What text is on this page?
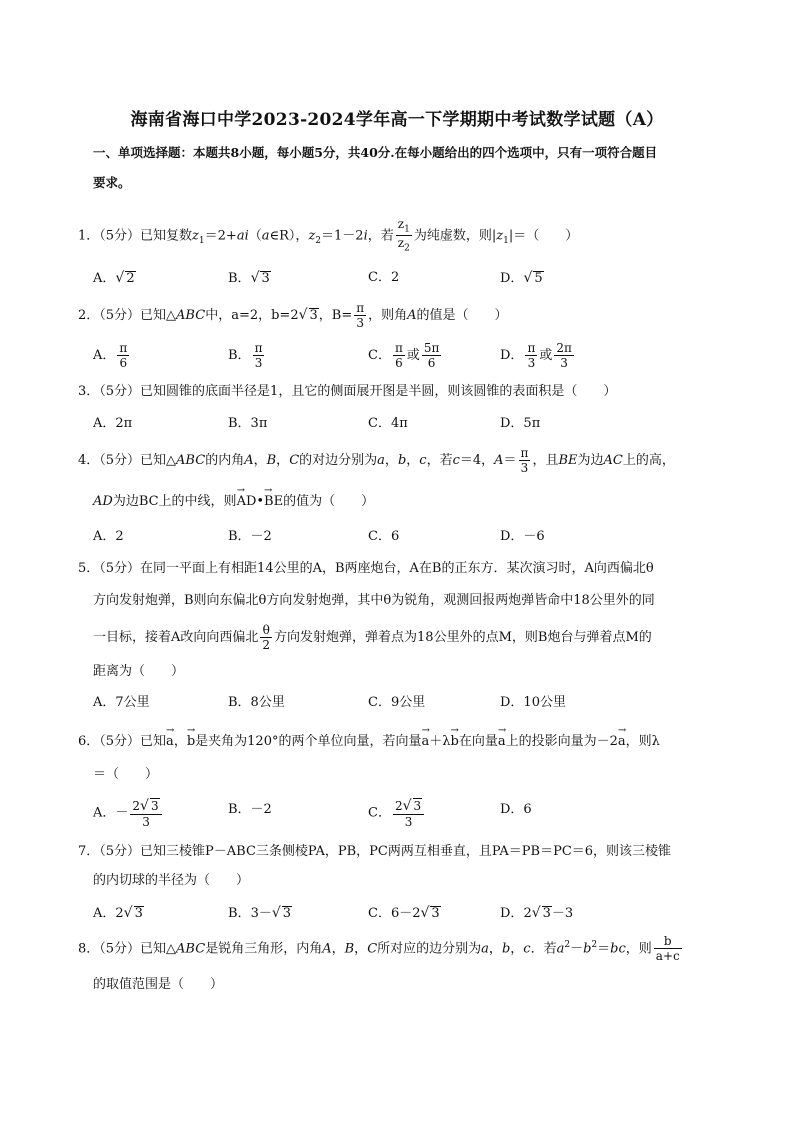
海南省海口中学2023-2024学年高一下学期期中考试数学试题（A）
一、单项选择题：本题共8小题，每小题5分，共40分.在每小题给出的四个选项中，只有一项符合题目
要求。
1．（5分）已知复数$z_1=2+ai(a\in R)$，$z_2=1-2i$，若 $\frac{z_1}{z_2}$ 为纯虚数，则$|z_1|=$（　　）
A．√ 2	B．√ 3	C．2	D．√ 5
2．（5分）已知△ABC中，a=2，b=2√ 3，$B= \frac{\pi}{3}$ ，则角A的值是（　　）
A． $\frac{\pi}{6}$	B． $\frac{\pi}{3}$	C． $\frac{\pi}{6}$ 或 $\frac{5\pi}{6}$	D． $\frac{\pi}{3}$ 或 $\frac{2\pi}{3}$
3．（5分）已知圆锥的底面半径是1，且它的侧面展开图是半圆，则该圆锥的表面积是（　　）
A．2π	B．3π	C．4π	D．5π
4．（5分）已知△ABC的内角A，B，C的对边分别为a，b，c，若c＝4，$A= \frac{\pi}{3}$ ，且BE为边AC上的高，
AD为边BC上的中线，则→ AD•→ BE的值为（　　）
A．2	B．－2	C．6	D．－6
5．（5分）在同一平面上有相距14公里的A，B两座炮台，A在B的正东方．某次演习时，A向西偏北θ
方向发射炮弹，B则向东偏北θ方向发射炮弹，其中θ为锐角，观测回报两炮弹皆命中18公里外的同
一目标，接着A改向向西偏北 $\frac{\theta}{2}$ 方向发射炮弹，弹着点为18公里外的点M，则B炮台与弹着点M的
距离为（　　）
A．7公里	B．8公里	C．9公里	D．10公里
6．（5分）已知→ a，→ b是夹角为120°的两个单位向量，若向量→ a＋λ→ b在向量→ a上的投影向量为－2→ a，则λ
＝（　　）
A．－ $\frac{2√ 3}{3}$	B．－2	C． $\frac{2√ 3}{3}$	D．6
7．（5分）已知三棱锥P－ABC三条侧棱PA，PB，PC两两互相垂直，且PA＝PB＝PC＝6，则该三棱锥
的内切球的半径为（　　）
A．2√ 3	B．3－√ 3	C．6－2√ 3	D．2√ 3－3
8．（5分）已知△ABC是锐角三角形，内角A，B，C所对应的边分别为a，b，c．若$a^2-b^2=bc$，则 $\frac{b}{a+c}$
的取值范围是（　　）
